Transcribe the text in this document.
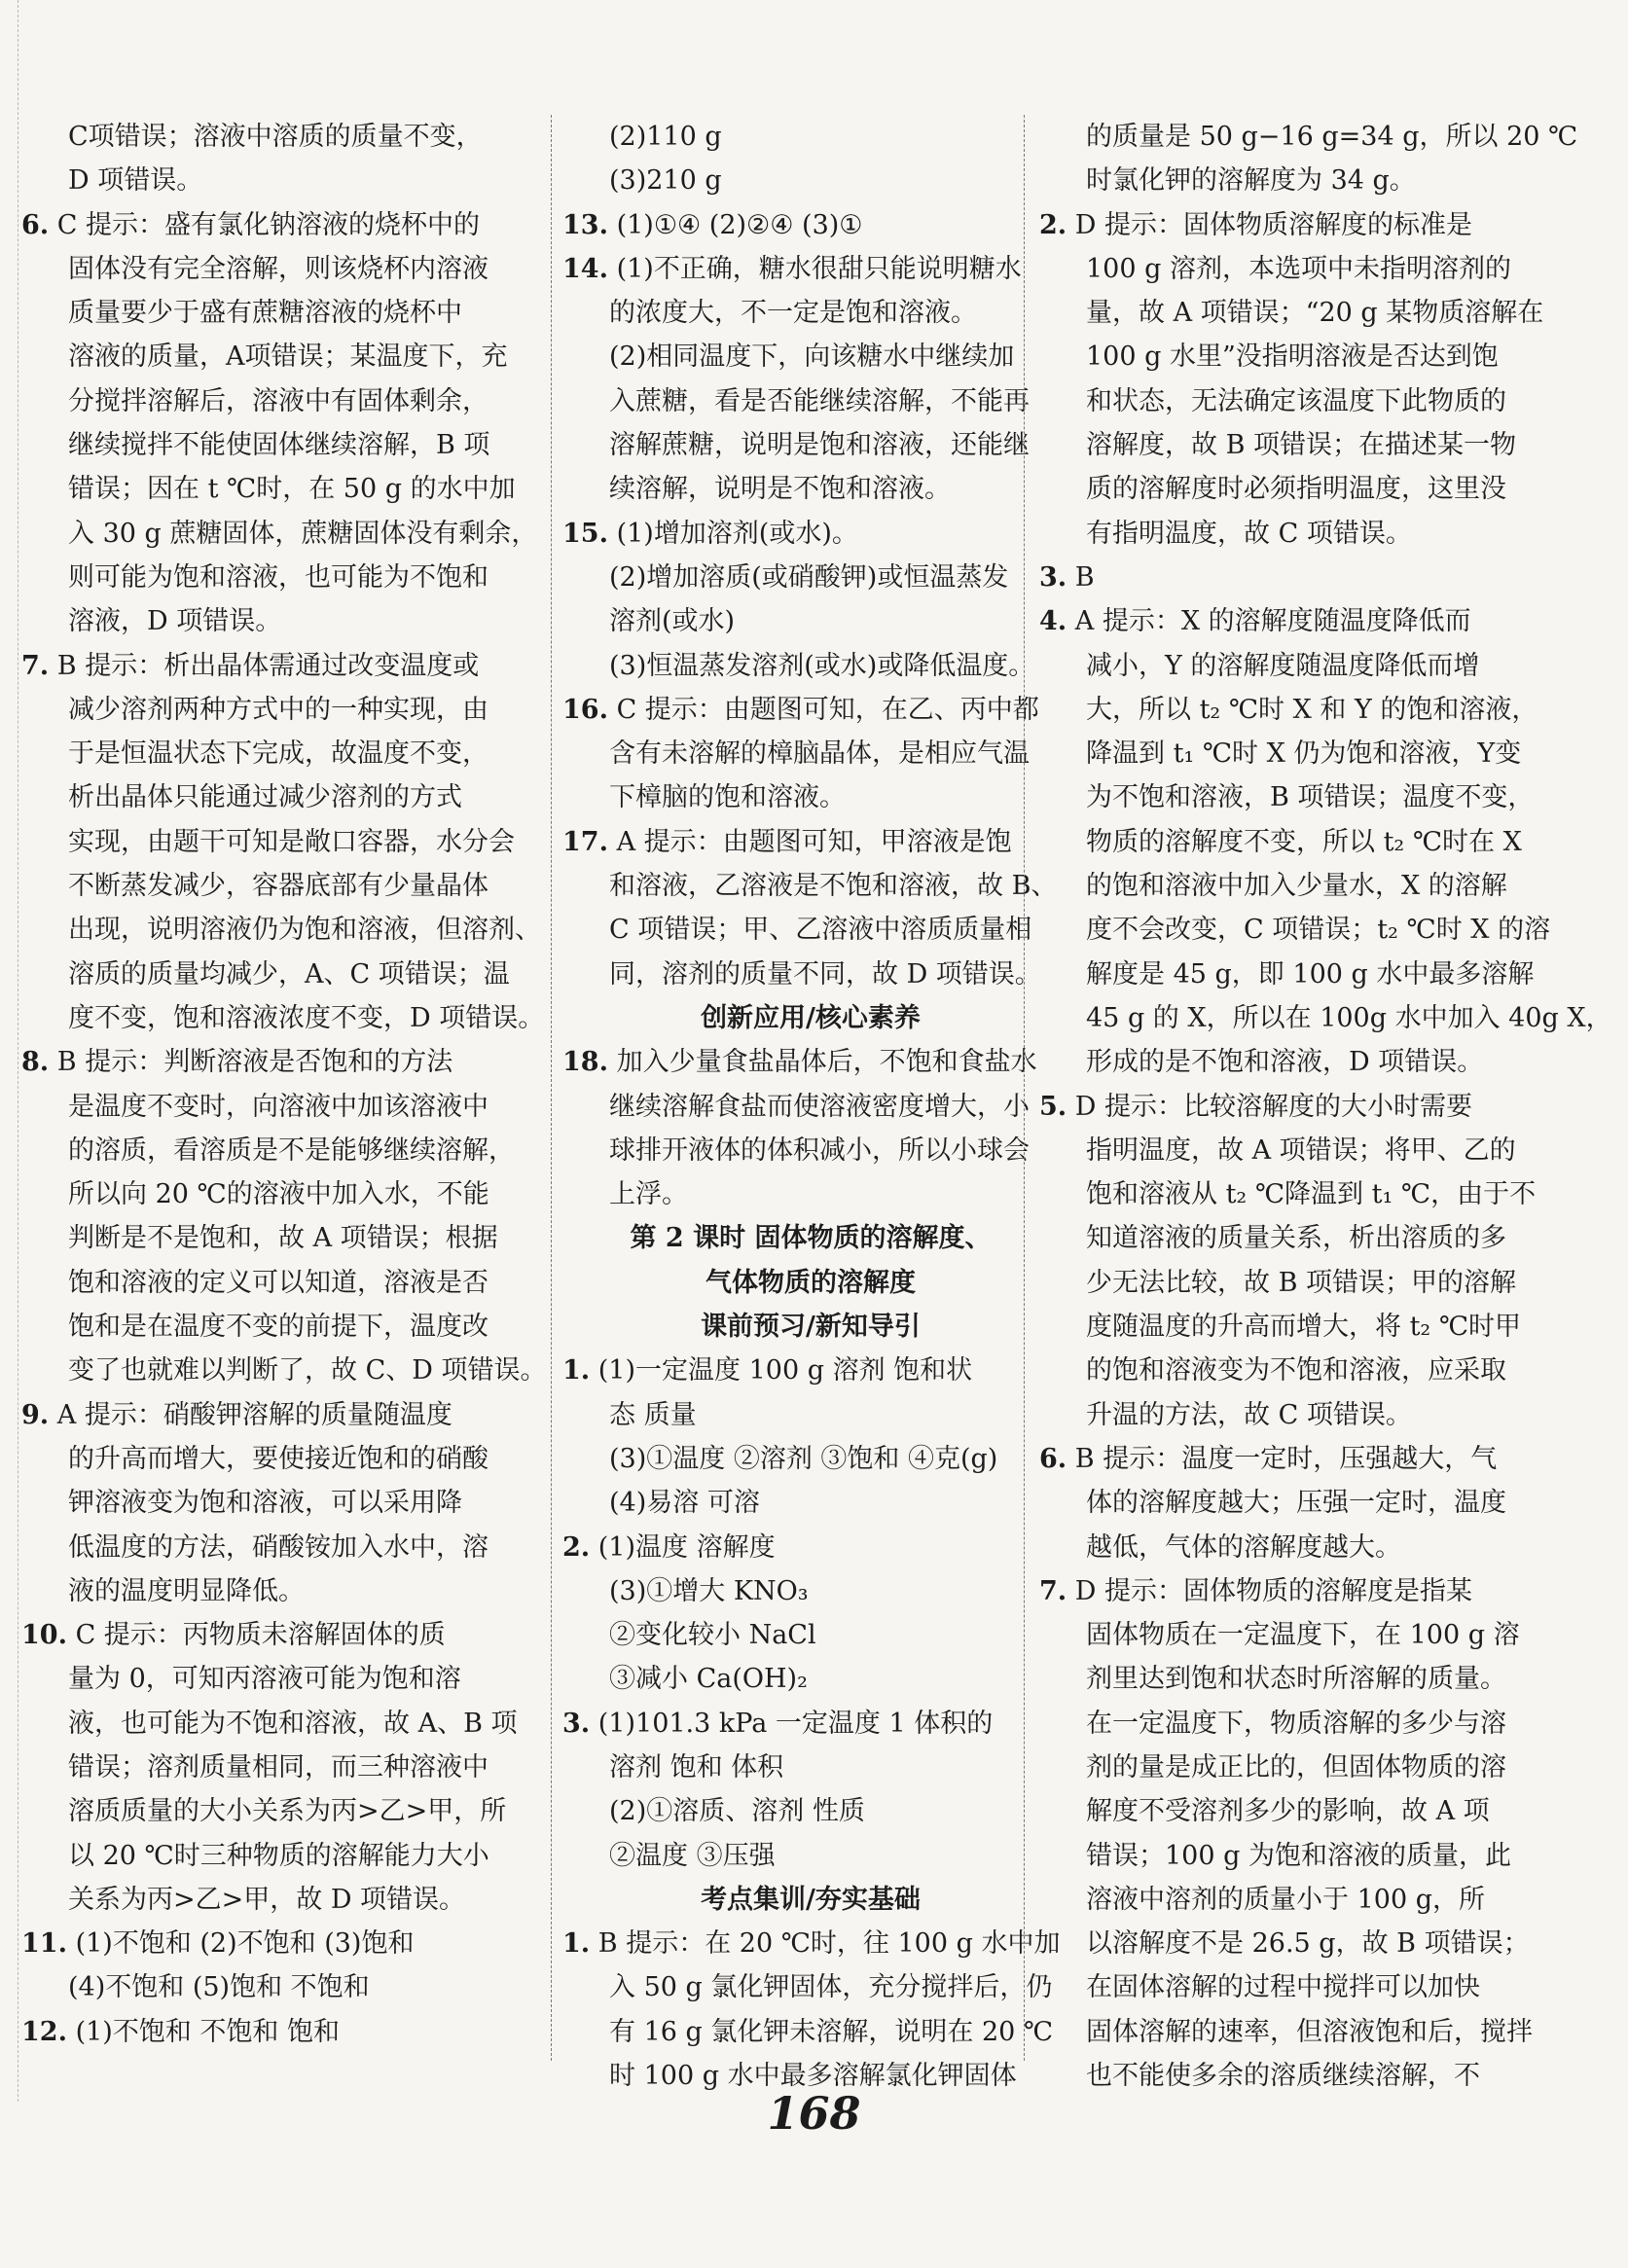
C项错误；溶液中溶质的质量不变，
D 项错误。
6. C 提示：盛有氯化钠溶液的烧杯中的
固体没有完全溶解，则该烧杯内溶液
质量要少于盛有蔗糖溶液的烧杯中
溶液的质量，A项错误；某温度下，充
分搅拌溶解后，溶液中有固体剩余，
继续搅拌不能使固体继续溶解，B 项
错误；因在 t ℃时，在 50 g 的水中加
入 30 g 蔗糖固体，蔗糖固体没有剩余，
则可能为饱和溶液，也可能为不饱和
溶液，D 项错误。
7. B 提示：析出晶体需通过改变温度或
减少溶剂两种方式中的一种实现，由
于是恒温状态下完成，故温度不变，
析出晶体只能通过减少溶剂的方式
实现，由题干可知是敞口容器，水分会
不断蒸发减少，容器底部有少量晶体
出现，说明溶液仍为饱和溶液，但溶剂、
溶质的质量均减少，A、C 项错误；温
度不变，饱和溶液浓度不变，D 项错误。
8. B 提示：判断溶液是否饱和的方法
是温度不变时，向溶液中加该溶液中
的溶质，看溶质是不是能够继续溶解，
所以向 20 ℃的溶液中加入水，不能
判断是不是饱和，故 A 项错误；根据
饱和溶液的定义可以知道，溶液是否
饱和是在温度不变的前提下，温度改
变了也就难以判断了，故 C、D 项错误。
9. A 提示：硝酸钾溶解的质量随温度
的升高而增大，要使接近饱和的硝酸
钾溶液变为饱和溶液，可以采用降
低温度的方法，硝酸铵加入水中，溶
液的温度明显降低。
10. C 提示：丙物质未溶解固体的质
量为 0，可知丙溶液可能为饱和溶
液，也可能为不饱和溶液，故 A、B 项
错误；溶剂质量相同，而三种溶液中
溶质质量的大小关系为丙>乙>甲，所
以 20 ℃时三种物质的溶解能力大小
关系为丙>乙>甲，故 D 项错误。
11. (1)不饱和 (2)不饱和 (3)饱和
(4)不饱和 (5)饱和 不饱和
12. (1)不饱和 不饱和 饱和
(2)110 g
(3)210 g
13. (1)①④ (2)②④ (3)①
14. (1)不正确，糖水很甜只能说明糖水
的浓度大，不一定是饱和溶液。
(2)相同温度下，向该糖水中继续加
入蔗糖，看是否能继续溶解，不能再
溶解蔗糖，说明是饱和溶液，还能继
续溶解，说明是不饱和溶液。
15. (1)增加溶剂(或水)。
(2)增加溶质(或硝酸钾)或恒温蒸发
溶剂(或水)
(3)恒温蒸发溶剂(或水)或降低温度。
16. C 提示：由题图可知，在乙、丙中都
含有未溶解的樟脑晶体，是相应气温
下樟脑的饱和溶液。
17. A 提示：由题图可知，甲溶液是饱
和溶液，乙溶液是不饱和溶液，故 B、
C 项错误；甲、乙溶液中溶质质量相
同，溶剂的质量不同，故 D 项错误。
创新应用/核心素养
18. 加入少量食盐晶体后，不饱和食盐水
继续溶解食盐而使溶液密度增大，小
球排开液体的体积减小，所以小球会
上浮。
第 2 课时 固体物质的溶解度、
气体物质的溶解度
课前预习/新知导引
1. (1)一定温度 100 g 溶剂 饱和状
态 质量
(3)①温度 ②溶剂 ③饱和 ④克(g)
(4)易溶 可溶
2. (1)温度 溶解度
(3)①增大 KNO₃
②变化较小 NaCl
③减小 Ca(OH)₂
3. (1)101.3 kPa 一定温度 1 体积的
溶剂 饱和 体积
(2)①溶质、溶剂 性质
②温度 ③压强
考点集训/夯实基础
1. B 提示：在 20 ℃时，往 100 g 水中加
入 50 g 氯化钾固体，充分搅拌后，仍
有 16 g 氯化钾未溶解，说明在 20 ℃
时 100 g 水中最多溶解氯化钾固体
的质量是 50 g−16 g=34 g，所以 20 ℃
时氯化钾的溶解度为 34 g。
2. D 提示：固体物质溶解度的标准是
100 g 溶剂，本选项中未指明溶剂的
量，故 A 项错误；“20 g 某物质溶解在
100 g 水里”没指明溶液是否达到饱
和状态，无法确定该温度下此物质的
溶解度，故 B 项错误；在描述某一物
质的溶解度时必须指明温度，这里没
有指明温度，故 C 项错误。
3. B
4. A 提示：X 的溶解度随温度降低而
减小，Y 的溶解度随温度降低而增
大，所以 t₂ ℃时 X 和 Y 的饱和溶液，
降温到 t₁ ℃时 X 仍为饱和溶液，Y变
为不饱和溶液，B 项错误；温度不变，
物质的溶解度不变，所以 t₂ ℃时在 X
的饱和溶液中加入少量水，X 的溶解
度不会改变，C 项错误；t₂ ℃时 X 的溶
解度是 45 g，即 100 g 水中最多溶解
45 g 的 X，所以在 100g 水中加入 40g X，
形成的是不饱和溶液，D 项错误。
5. D 提示：比较溶解度的大小时需要
指明温度，故 A 项错误；将甲、乙的
饱和溶液从 t₂ ℃降温到 t₁ ℃，由于不
知道溶液的质量关系，析出溶质的多
少无法比较，故 B 项错误；甲的溶解
度随温度的升高而增大，将 t₂ ℃时甲
的饱和溶液变为不饱和溶液，应采取
升温的方法，故 C 项错误。
6. B 提示：温度一定时，压强越大，气
体的溶解度越大；压强一定时，温度
越低，气体的溶解度越大。
7. D 提示：固体物质的溶解度是指某
固体物质在一定温度下，在 100 g 溶
剂里达到饱和状态时所溶解的质量。
在一定温度下，物质溶解的多少与溶
剂的量是成正比的，但固体物质的溶
解度不受溶剂多少的影响，故 A 项
错误；100 g 为饱和溶液的质量，此
溶液中溶剂的质量小于 100 g，所
以溶解度不是 26.5 g，故 B 项错误；
在固体溶解的过程中搅拌可以加快
固体溶解的速率，但溶液饱和后，搅拌
也不能使多余的溶质继续溶解，不
168
